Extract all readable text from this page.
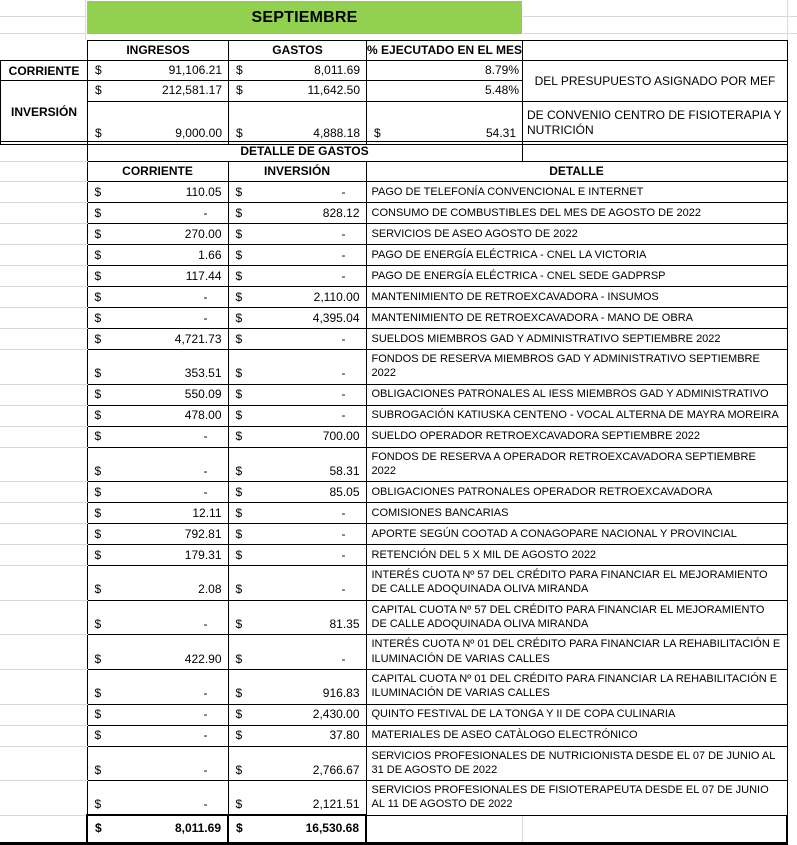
SEPTIEMBRE
	INGRESOS	GASTOS	% EJECUTADO EN EL MES	
CORRIENTE	$ 91,106.21	$ 8,011.69	8.79%	DEL PRESUPUESTO ASIGNADO POR MEF
INVERSIÓN	$ 212,581.17	$ 11,642.50	5.48%	

	$ 9,000.00	$ 4,888.18	$ 54.31	DE CONVENIO CENTRO DE FISIOTERAPIA Y NUTRICIÓN
	DETALLE DE GASTOS			
	CORRIENTE	INVERSIÓN	DETALLE	

	$ 110.05	$ -	PAGO DE TELEFONÍA CONVENCIONAL E INTERNET	

	$ -	$ 828.12	CONSUMO DE COMBUSTIBLES DEL MES DE AGOSTO DE 2022	

	$ 270.00	$ -	SERVICIOS DE ASEO AGOSTO DE 2022	

	$ 1.66	$ -	PAGO DE ENERGÍA ELÉCTRICA - CNEL LA VICTORIA	

	$ 117.44	$ -	PAGO DE ENERGÍA ELÉCTRICA - CNEL SEDE GADPRSP	

	$ -	$ 2,110.00	MANTENIMIENTO DE RETROEXCAVADORA - INSUMOS	

	$ -	$ 4,395.04	MANTENIMIENTO DE RETROEXCAVADORA - MANO DE OBRA	

	$ 4,721.73	$ -	SUELDOS MIEMBROS GAD Y ADMINISTRATIVO SEPTIEMBRE 2022	

	$ 353.51	$ -	FONDOS DE RESERVA MIEMBROS GAD Y ADMINISTRATIVO SEPTIEMBRE 2022	

	$ 550.09	$ -	OBLIGACIONES PATRONALES AL IESS MIEMBROS GAD Y ADMINISTRATIVO	

	$ 478.00	$ -	SUBROGACIÓN KATIUSKA CENTENO - VOCAL ALTERNA DE MAYRA MOREIRA	

	$ -	$ 700.00	SUELDO OPERADOR RETROEXCAVADORA SEPTIEMBRE 2022	

	$ -	$ 58.31	FONDOS DE RESERVA A OPERADOR RETROEXCAVADORA SEPTIEMBRE 2022	

	$ -	$ 85.05	OBLIGACIONES PATRONALES OPERADOR RETROEXCAVADORA	

	$ 12.11	$ -	COMISIONES BANCARIAS	

	$ 792.81	$ -	APORTE SEGÚN COOTAD A CONAGOPARE NACIONAL Y PROVINCIAL	

	$ 179.31	$ -	RETENCIÓN DEL 5 X MIL DE AGOSTO 2022	

	$ 2.08	$ -	INTERÉS CUOTA Nº 57 DEL CRÉDITO PARA FINANCIAR EL MEJORAMIENTO DE CALLE ADOQUINADA OLIVA MIRANDA	

	$ -	$ 81.35	CAPITAL CUOTA Nº 57 DEL CRÉDITO PARA FINANCIAR EL MEJORAMIENTO DE CALLE ADOQUINADA OLIVA MIRANDA	

	$ 422.90	$ -	INTERÉS CUOTA Nº 01 DEL CRÉDITO PARA FINANCIAR LA REHABILITACIÓN E ILUMINACIÓN DE VARIAS CALLES	

	$ -	$ 916.83	CAPITAL CUOTA Nº 01 DEL CRÉDITO PARA FINANCIAR LA REHABILITACIÓN E ILUMINACIÓN DE VARIAS CALLES	

	$ -	$ 2,430.00	QUINTO FESTIVAL DE LA TONGA Y II DE COPA CULINARIA	

	$ -	$ 37.80	MATERIALES DE ASEO CATÀLOGO ELECTRÓNICO	

	$ -	$ 2,766.67	SERVICIOS PROFESIONALES DE NUTRICIONISTA DESDE EL 07 DE JUNIO AL 31 DE AGOSTO DE 2022	

	$ -	$ 2,121.51	SERVICIOS PROFESIONALES DE FISIOTERAPEUTA DESDE EL 07 DE JUNIO AL 11 DE AGOSTO DE 2022	

	$ 8,011.69	$ 16,530.68		
